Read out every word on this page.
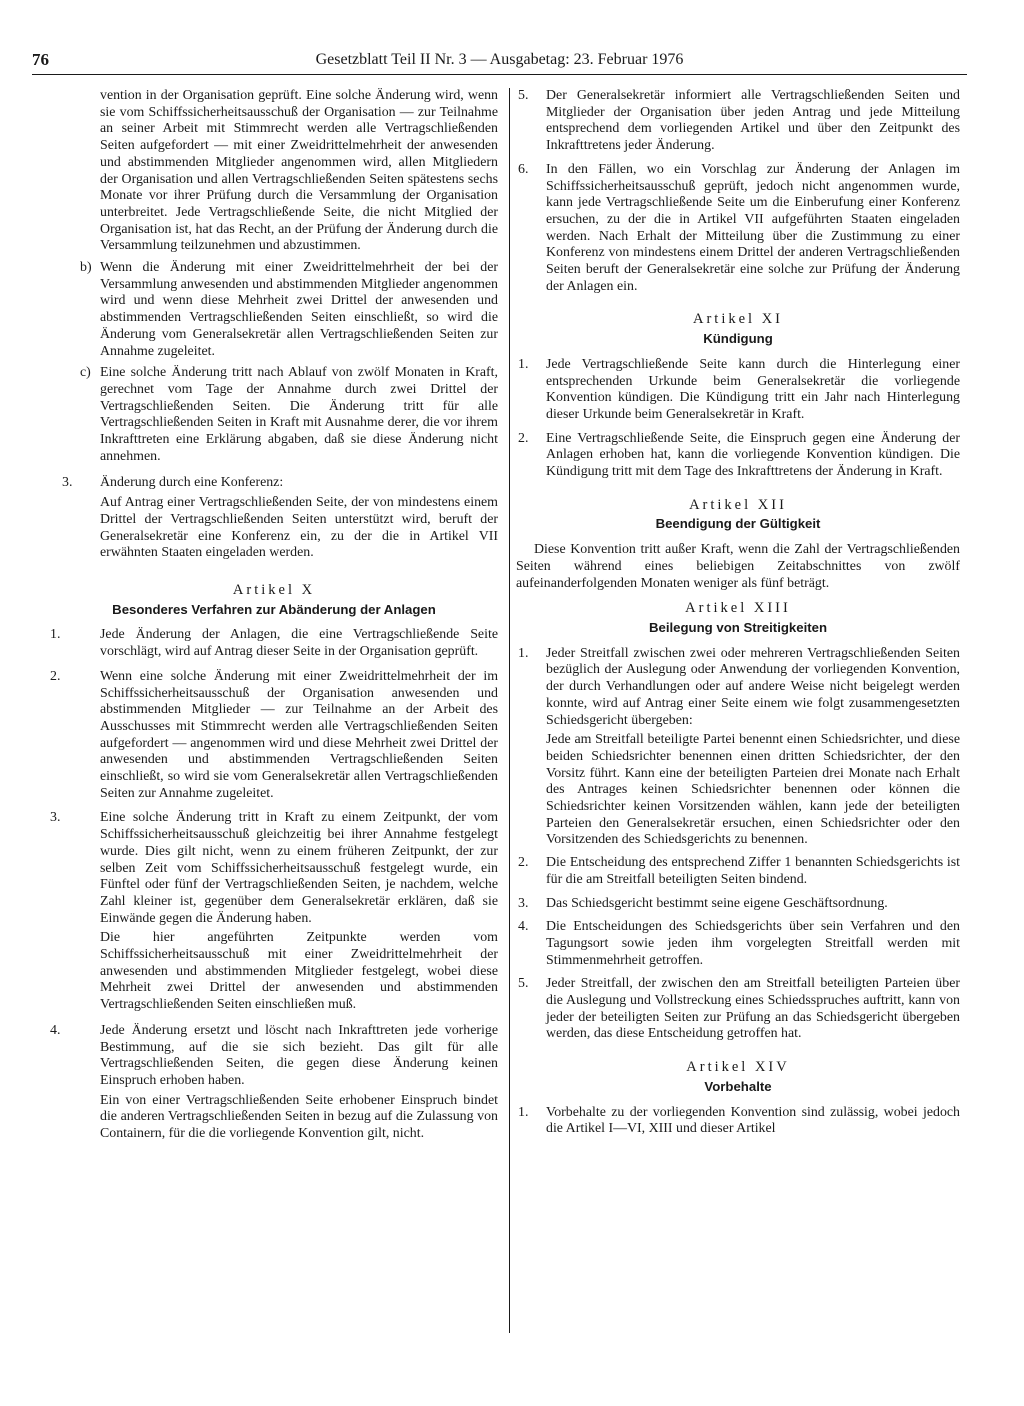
76	Gesetzblatt Teil II Nr. 3 — Ausgabetag: 23. Februar 1976

vention in der Organisation geprüft. Eine solche Änderung wird, wenn sie vom Schiffssicherheitsausschuß der Organisation — zur Teilnahme an seiner Arbeit mit Stimmrecht werden alle Vertragschließenden Seiten aufgefordert — mit einer Zweidrittelmehrheit der anwesenden und abstimmenden Mitglieder angenommen wird, allen Mitgliedern der Organisation und allen Vertragschließenden Seiten spätestens sechs Monate vor ihrer Prüfung durch die Versammlung der Organisation unterbreitet. Jede Vertragschließende Seite, die nicht Mitglied der Organisation ist, hat das Recht, an der Prüfung der Änderung durch die Versammlung teilzunehmen und abzustimmen.

b) Wenn die Änderung mit einer Zweidrittelmehrheit der bei der Versammlung anwesenden und abstimmenden Mitglieder angenommen wird und wenn diese Mehrheit zwei Drittel der anwesenden und abstimmenden Vertragschließenden Seiten einschließt, so wird die Änderung vom Generalsekretär allen Vertragschließenden Seiten zur Annahme zugeleitet.
c) Eine solche Änderung tritt nach Ablauf von zwölf Monaten in Kraft, gerechnet vom Tage der Annahme durch zwei Drittel der Vertragschließenden Seiten. Die Änderung tritt für alle Vertragschließenden Seiten in Kraft mit Ausnahme derer, die vor ihrem Inkrafttreten eine Erklärung abgaben, daß sie diese Änderung nicht annehmen.
3. Änderung durch eine Konferenz:

Auf Antrag einer Vertragschließenden Seite, der von mindestens einem Drittel der Vertragschließenden Seiten unterstützt wird, beruft der Generalsekretär eine Konferenz ein, zu der die in Artikel VII erwähnten Staaten eingeladen werden.

Artikel X
Besonderes Verfahren zur Abänderung der Anlagen
1.	Jede Änderung der Anlagen, die eine Vertragschließende Seite vorschlägt, wird auf Antrag dieser Seite in der Organisation geprüft.
2.	Wenn eine solche Änderung mit einer Zweidrittelmehrheit der im Schiffssicherheitsausschuß der Organisation anwesenden und abstimmenden Mitglieder — zur Teilnahme an der Arbeit des Ausschusses mit Stimmrecht werden alle Vertragschließenden Seiten aufgefordert — angenommen wird und diese Mehrheit zwei Drittel der anwesenden und abstimmenden Vertragschließenden Seiten einschließt, so wird sie vom Generalsekretär allen Vertragschließenden Seiten zur Annahme zugeleitet.
3.	Eine solche Änderung tritt in Kraft zu einem Zeitpunkt, der vom Schiffssicherheitsausschuß gleichzeitig bei ihrer Annahme festgelegt wurde. Dies gilt nicht, wenn zu einem früheren Zeitpunkt, der zur selben Zeit vom Schiffssicherheitsausschuß festgelegt wurde, ein Fünftel oder fünf der Vertragschließenden Seiten, je nachdem, welche Zahl kleiner ist, gegenüber dem Generalsekretär erklären, daß sie Einwände gegen die Änderung haben.

Die hier angeführten Zeitpunkte werden vom Schiffssicherheitsausschuß mit einer Zweidrittelmehrheit der anwesenden und abstimmenden Mitglieder festgelegt, wobei diese Mehrheit zwei Drittel der anwesenden und abstimmenden Vertragschließenden Seiten einschließen muß.

4.	Jede Änderung ersetzt und löscht nach Inkrafttreten jede vorherige Bestimmung, auf die sie sich bezieht. Das gilt für alle Vertragschließenden Seiten, die gegen diese Änderung keinen Einspruch erhoben haben.

Ein von einer Vertragschließenden Seite erhobener Einspruch bindet die anderen Vertragschließenden Seiten in bezug auf die Zulassung von Containern, für die die vorliegende Konvention gilt, nicht.

5. Der Generalsekretär informiert alle Vertragschließenden Seiten und Mitglieder der Organisation über jeden Antrag und jede Mitteilung entsprechend dem vorliegenden Artikel und über den Zeitpunkt des Inkrafttretens jeder Änderung.
6. In den Fällen, wo ein Vorschlag zur Änderung der Anlagen im Schiffssicherheitsausschuß geprüft, jedoch nicht angenommen wurde, kann jede Vertragschließende Seite um die Einberufung einer Konferenz ersuchen, zu der die in Artikel VII aufgeführten Staaten eingeladen werden. Nach Erhalt der Mitteilung über die Zustimmung zu einer Konferenz von mindestens einem Drittel der anderen Vertragschließenden Seiten beruft der Generalsekretär eine solche zur Prüfung der Änderung der Anlagen ein.
Artikel XI
Kündigung
1. Jede Vertragschließende Seite kann durch die Hinterlegung einer entsprechenden Urkunde beim Generalsekretär die vorliegende Konvention kündigen. Die Kündigung tritt ein Jahr nach Hinterlegung dieser Urkunde beim Generalsekretär in Kraft.
2. Eine Vertragschließende Seite, die Einspruch gegen eine Änderung der Anlagen erhoben hat, kann die vorliegende Konvention kündigen. Die Kündigung tritt mit dem Tage des Inkrafttretens der Änderung in Kraft.
Artikel XII
Beendigung der Gültigkeit

Diese Konvention tritt außer Kraft, wenn die Zahl der Vertragschließenden Seiten während eines beliebigen Zeitabschnittes von zwölf aufeinanderfolgenden Monaten weniger als fünf beträgt.

Artikel XIII
Beilegung von Streitigkeiten
1. Jeder Streitfall zwischen zwei oder mehreren Vertragschließenden Seiten bezüglich der Auslegung oder Anwendung der vorliegenden Konvention, der durch Verhandlungen oder auf andere Weise nicht beigelegt werden konnte, wird auf Antrag einer Seite einem wie folgt zusammengesetzten Schiedsgericht übergeben:

Jede am Streitfall beteiligte Partei benennt einen Schiedsrichter, und diese beiden Schiedsrichter benennen einen dritten Schiedsrichter, der den Vorsitz führt. Kann eine der beteiligten Parteien drei Monate nach Erhalt des Antrages keinen Schiedsrichter benennen oder können die Schiedsrichter keinen Vorsitzenden wählen, kann jede der beteiligten Parteien den Generalsekretär ersuchen, einen Schiedsrichter oder den Vorsitzenden des Schiedsgerichts zu benennen.

2. Die Entscheidung des entsprechend Ziffer 1 benannten Schiedsgerichts ist für die am Streitfall beteiligten Seiten bindend.
3. Das Schiedsgericht bestimmt seine eigene Geschäftsordnung.
4. Die Entscheidungen des Schiedsgerichts über sein Verfahren und den Tagungsort sowie jeden ihm vorgelegten Streitfall werden mit Stimmenmehrheit getroffen.
5. Jeder Streitfall, der zwischen den am Streitfall beteiligten Parteien über die Auslegung und Vollstreckung eines Schiedsspruches auftritt, kann von jeder der beteiligten Seiten zur Prüfung an das Schiedsgericht übergeben werden, das diese Entscheidung getroffen hat.
Artikel XIV
Vorbehalte
1. Vorbehalte zu der vorliegenden Konvention sind zulässig, wobei jedoch die Artikel I—VI, XIII und dieser Artikel
